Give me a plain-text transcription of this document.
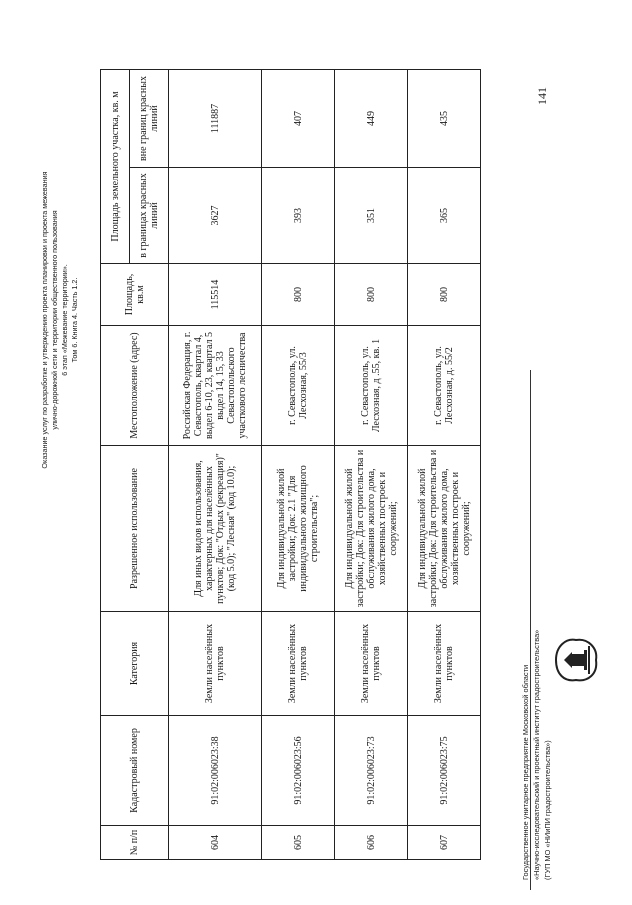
Оказание услуг по разработке и утверждению проекта планировки и проекта межевания улично-дорожной сети и территории общественного пользования 6 этап «Межевание территории». Том 6. Книга 4. Часть 1.2.
№ п/п	Кадастровый номер	Категория	Разрешенное использование	Местоположение (адрес)	Площадь, кв.м	Площадь земельного участка, кв. м	
						в границах красных линий	вне границ красных линий
604	91:02:006023:38	Земли населённых пунктов	Для иных видов использования, характерных для населённых пунктов; Док: "Отдых (рекреация)" (код 5.0); "Лесная" (код 10.0);	Российская Федерация, г. Севастополь, квартал 4, выдел 6-10, 23, квартал 5 выдел 14, 15, 33 Севастопольского участкового лесничества	115514	3627	111887
605	91:02:006023:56	Земли населённых пунктов	Для индивидуальной жилой застройки; Док: 2.1 "Для индивидуального жилищного строительства";	г. Севастополь, ул. Лесхозная, 55/3	800	393	407
606	91:02:006023:73	Земли населённых пунктов	Для индивидуальной жилой застройки; Док: Для строительства и обслуживания жилого дома, хозяйственных построек и сооружений;	г. Севастополь, ул. Лесхозная, д .55, кв. 1	800	351	449
607	91:02:006023:75	Земли населённых пунктов	Для индивидуальной жилой застройки; Док: Для строительства и обслуживания жилого дома, хозяйственных построек и сооружений;	г. Севастополь, ул. Лесхозная, д. 55/2	800	365	435
141
Государственное унитарное предприятие Московской области «Научно-исследовательский и проектный институт градостроительства» (ГУП МО «НИиПИ градостроительства»)
